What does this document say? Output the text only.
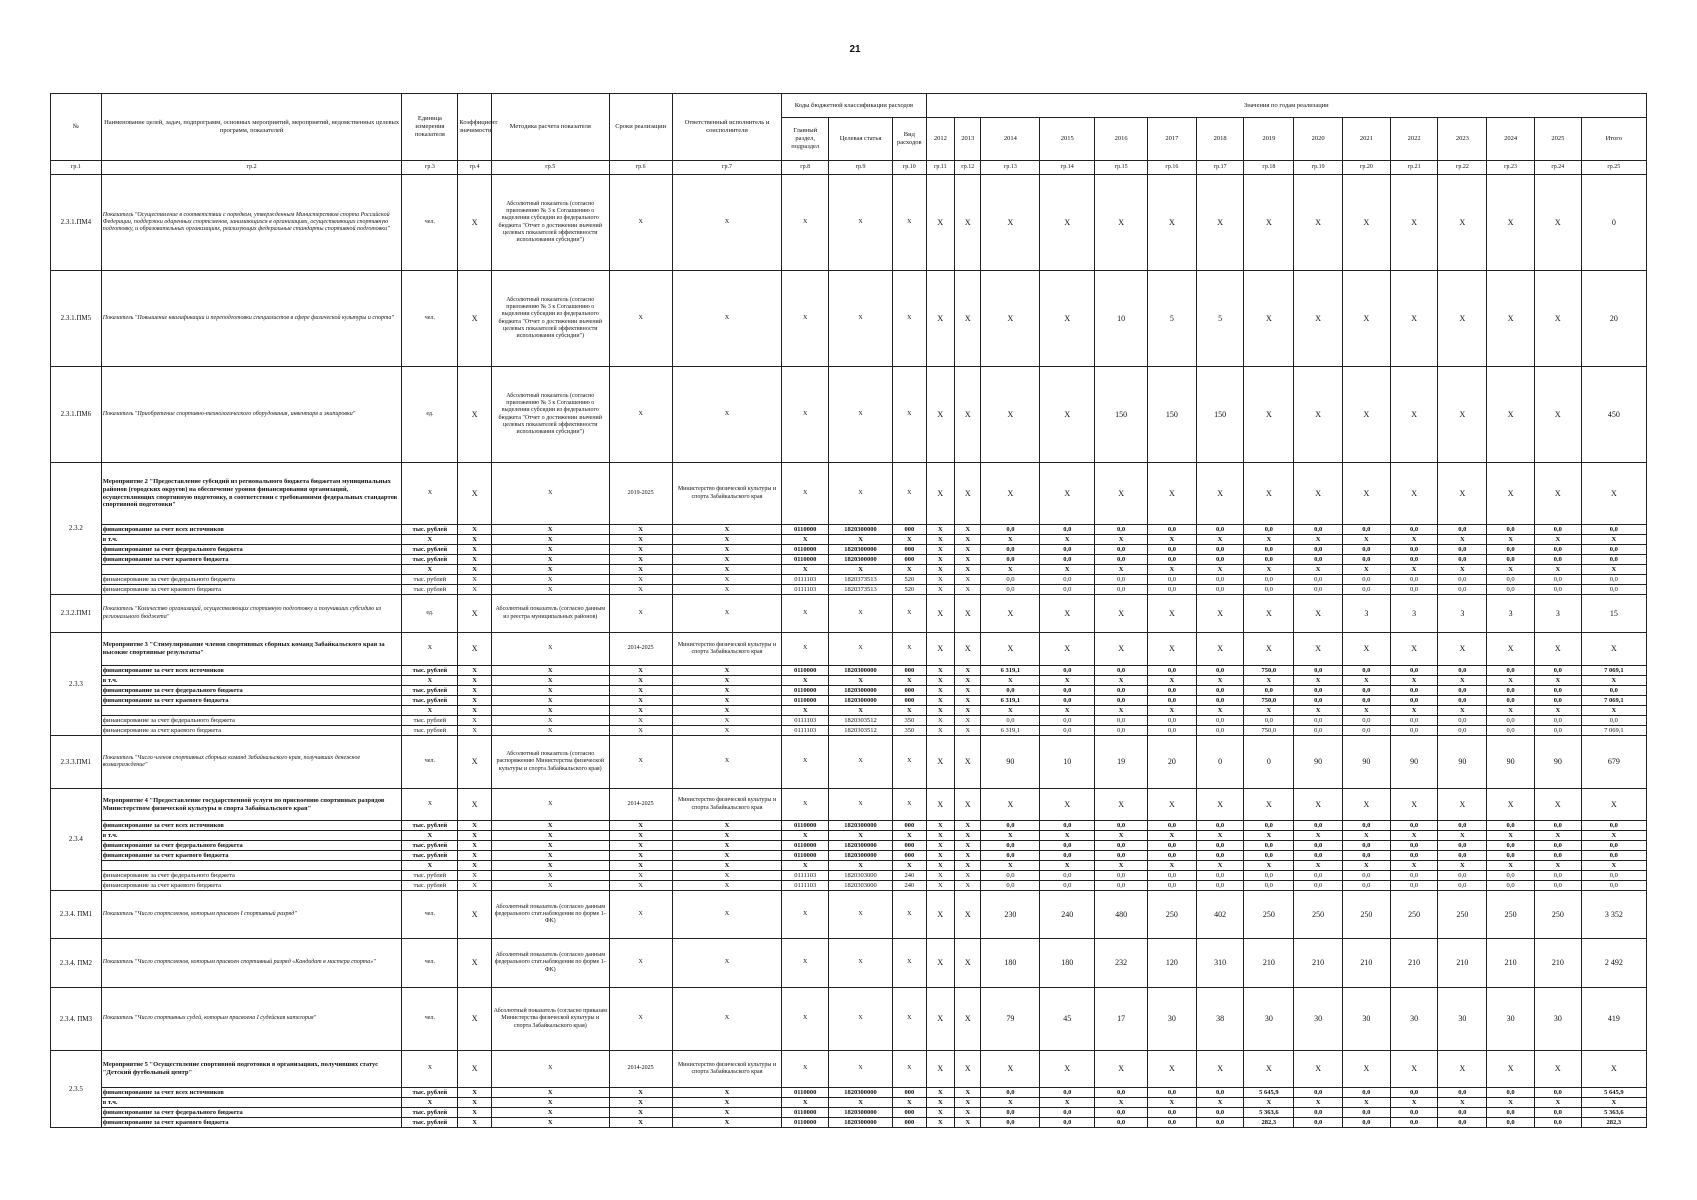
21
№	Наименование целей, задач, подпрограмм, основных мероприятий, мероприятий, ведомственных целевых программ, показателей	Единица измерения показателя	Коэффициент значимости	Методика расчета показателя	Сроки реализации	Ответственный исполнитель и соисполнители	Коды бюджетной классификации расходов			Значения по годам реализации														
							Главный раздел, подраздел	Целевая статья	Вид расходов	2012	2013	2014	2015	2016	2017	2018	2019	2020	2021	2022	2023	2024	2025	Итого
гр.1	гр.2	гр.3	гр.4	гр.5	гр.6	гр.7	гр.8	гр.9	гр.10	гр.11	гр.12	гр.13	гр.14	гр.15	гр.16	гр.17	гр.18	гр.19	гр.20	гр.21	гр.22	гр.23	гр.24	гр.25
2.3.1.ПМ4	Показатель "Осуществление в соответствии с порядком, утвержденным Министерством спорта Российской Федерации, поддержки одаренных спортсменов, занимающихся в организациях, осуществляющих спортивную подготовку, и образовательных организациях, реализующих федеральные стандарты спортивной подготовки"	чел.	X	Абсолютный показатель (согласно приложению № 3 к Соглашению о выделении субсидии из федерального бюджета "Отчет о достижении значений целевых показателей эффективности использования субсидии")	X	X	X	X	X	X	X	X	X	X	X	X	X	X	X	X	X	X	X	0
2.3.1.ПМ5	Показатель "Повышение квалификации и переподготовки специалистов в сфере физической культуры и спорта"	чел.	X	Абсолютный показатель (согласно приложению № 3 к Соглашению о выделении субсидии из федерального бюджета "Отчет о достижении значений целевых показателей эффективности использования субсидии")	X	X	X	X	X	X	X	X	X	10	5	5	X	X	X	X	X	X	X	20
2.3.1.ПМ6	Показатель "Приобретение спортивно-технологического оборудования, инвентаря и экипировки"	ед.	X	Абсолютный показатель (согласно приложению № 3 к Соглашению о выделении субсидии из федерального бюджета "Отчет о достижении значений целевых показателей эффективности использования субсидии")	X	X	X	X	X	X	X	X	X	150	150	150	X	X	X	X	X	X	X	450
2.3.2	Мероприятие 2 "Предоставление субсидий из регионального бюджета бюджетам муниципальных районов (городских округов) на обеспечение уровня финансирования организаций, осуществляющих спортивную подготовку, в соответствии с требованиями федеральных стандартов спортивной подготовки"	X	X	X	2019-2025	Министерство физической культуры и спорта Забайкальского края	X	X	X	X	X	X	X	X	X	X	X	X	X	X	X	X	X	X
	финансирование за счет всех источников	тыс. рублей	X	X	X	X	0110000	1820300000	000	X	X	0,0	0,0	0,0	0,0	0,0	0,0	0,0	0,0	0,0	0,0	0,0	0,0	0,0
	в т.ч.	X	X	X	X	X	X	X	X	X	X	X	X	X	X	X	X	X	X	X	X	X	X	X
	финансирование за счет федерального бюджета	тыс. рублей	X	X	X	X	0110000	1820300000	000	X	X	0,0	0,0	0,0	0,0	0,0	0,0	0,0	0,0	0,0	0,0	0,0	0,0	0,0
	финансирование за счет краевого бюджета	тыс. рублей	X	X	X	X	0110000	1820300000	000	X	X	0,0	0,0	0,0	0,0	0,0	0,0	0,0	0,0	0,0	0,0	0,0	0,0	0,0
		X	X	X	X	X	X	X	X	X	X	X	X	X	X	X	X	X	X	X	X	X	X	X
	финансирование за счет федерального бюджета	тыс. рублей	X	X	X	X	0111103	182037З513	520	X	X	0,0	0,0	0,0	0,0	0,0	0,0	0,0	0,0	0,0	0,0	0,0	0,0	0,0
	финансирование за счет краевого бюджета	тыс. рублей	X	X	X	X	0111103	182037З513	520	X	X	0,0	0,0	0,0	0,0	0,0	0,0	0,0	0,0	0,0	0,0	0,0	0,0	0,0
2.3.2.ПМ1	Показатель "Количество организаций, осуществляющих спортивную подготовку и получивших субсидию из регионального бюджета"	ед.	X	Абсолютный показатель (согласно данным из реестра муниципальных районов)	X	X	X	X	X	X	X	X	X	X	X	X	X	X	3	3	3	3	3	15
2.3.3	Мероприятие 3 "Стимулирование членов спортивных сборных команд Забайкальского края за высокие спортивные результаты"	X	X	X	2014-2025	Министерство физической культуры и спорта Забайкальского края	X	X	X	X	X	X	X	X	X	X	X	X	X	X	X	X	X	X
	финансирование за счет всех источников	тыс. рублей	X	X	X	X	0110000	1820300000	000	X	X	6 319,1	0,0	0,0	0,0	0,0	750,0	0,0	0,0	0,0	0,0	0,0	0,0	7 069,1
	в т.ч.	X	X	X	X	X	X	X	X	X	X	X	X	X	X	X	X	X	X	X	X	X	X	X
	финансирование за счет федерального бюджета	тыс. рублей	X	X	X	X	0110000	1820300000	000	X	X	0,0	0,0	0,0	0,0	0,0	0,0	0,0	0,0	0,0	0,0	0,0	0,0	0,0
	финансирование за счет краевого бюджета	тыс. рублей	X	X	X	X	0110000	1820300000	000	X	X	6 319,1	0,0	0,0	0,0	0,0	750,0	0,0	0,0	0,0	0,0	0,0	0,0	7 069,1
		X	X	X	X	X	X	X	X	X	X	X	X	X	X	X	X	X	X	X	X	X	X	X
	финансирование за счет федерального бюджета	тыс. рублей	X	X	X	X	0111103	1820303512	350	X	X	0,0	0,0	0,0	0,0	0,0	0,0	0,0	0,0	0,0	0,0	0,0	0,0	0,0
	финансирование за счет краевого бюджета	тыс. рублей	X	X	X	X	0111103	1820303512	350	X	X	6 319,1	0,0	0,0	0,0	0,0	750,0	0,0	0,0	0,0	0,0	0,0	0,0	7 069,1
2.3.3.ПМ1	Показатель "Число членов спортивных сборных команд Забайкальского края, получивших денежное вознаграждение"	чел.	X	Абсолютный показатель (согласно распоряжению Министерства физической культуры и спорта Забайкальского края)	X	X	X	X	X	X	X	90	10	19	20	0	0	90	90	90	90	90	90	679
2.3.4	Мероприятие 4 "Предоставление государственной услуги по присвоению спортивных разрядов Министерством физической культуры и спорта Забайкальского края"	X	X	X	2014-2025	Министерство физической культуры и спорта Забайкальского края	X	X	X	X	X	X	X	X	X	X	X	X	X	X	X	X	X	X
	финансирование за счет всех источников	тыс. рублей	X	X	X	X	0110000	1820300000	000	X	X	0,0	0,0	0,0	0,0	0,0	0,0	0,0	0,0	0,0	0,0	0,0	0,0	0,0
	в т.ч.	X	X	X	X	X	X	X	X	X	X	X	X	X	X	X	X	X	X	X	X	X	X	X
	финансирование за счет федерального бюджета	тыс. рублей	X	X	X	X	0110000	1820300000	000	X	X	0,0	0,0	0,0	0,0	0,0	0,0	0,0	0,0	0,0	0,0	0,0	0,0	0,0
	финансирование за счет краевого бюджета	тыс. рублей	X	X	X	X	0110000	1820300000	000	X	X	0,0	0,0	0,0	0,0	0,0	0,0	0,0	0,0	0,0	0,0	0,0	0,0	0,0
		X	X	X	X	X	X	X	X	X	X	X	X	X	X	X	X	X	X	X	X	X	X	X
	финансирование за счет федерального бюджета	тыс. рублей	X	X	X	X	0111103	1820303000	240	X	X	0,0	0,0	0,0	0,0	0,0	0,0	0,0	0,0	0,0	0,0	0,0	0,0	0,0
	финансирование за счет краевого бюджета	тыс. рублей	X	X	X	X	0111103	1820303000	240	X	X	0,0	0,0	0,0	0,0	0,0	0,0	0,0	0,0	0,0	0,0	0,0	0,0	0,0
2.3.4. ПМ1	Показатель "Число спортсменов, которым присвоен I спортивный разряд"	чел.	X	Абсолютный показатель (согласно данным федерального стат.наблюдения по форме 1-ФК)	X	X	X	X	X	X	X	230	240	480	250	402	250	250	250	250	250	250	250	3 352
2.3.4. ПМ2	Показатель "Число спортсменов, которым присвоен спортивный разряд «Кандидат в мастера спорта»"	чел.	X	Абсолютный показатель (согласно данным федерального стат.наблюдения по форме 1-ФК)	X	X	X	X	X	X	X	180	180	232	120	310	210	210	210	210	210	210	210	2 492
2.3.4. ПМ3	Показатель "Число спортивных судей, которым присвоена I судейская категория"	чел.	X	Абсолютный показатель (согласно приказам Министерства физической культуры и спорта Забайкальского края)	X	X	X	X	X	X	X	79	45	17	30	38	30	30	30	30	30	30	30	419
2.3.5	Мероприятие 5 "Осуществление спортивной подготовки в организациях, получивших статус "Детский футбольный центр"	X	X	X	2014-2025	Министерство физической культуры и спорта Забайкальского края	X	X	X	X	X	X	X	X	X	X	X	X	X	X	X	X	X	X
	финансирование за счет всех источников	тыс. рублей	X	X	X	X	0110000	1820300000	000	X	X	0,0	0,0	0,0	0,0	0,0	5 645,9	0,0	0,0	0,0	0,0	0,0	0,0	5 645,9
	в т.ч.	X	X	X	X	X	X	X	X	X	X	X	X	X	X	X	X	X	X	X	X	X	X	X
	финансирование за счет федерального бюджета	тыс. рублей	X	X	X	X	0110000	1820300000	000	X	X	0,0	0,0	0,0	0,0	0,0	5 363,6	0,0	0,0	0,0	0,0	0,0	0,0	5 363,6
	финансирование за счет краевого бюджета	тыс. рублей	X	X	X	X	0110000	1820300000	000	X	X	0,0	0,0	0,0	0,0	0,0	282,3	0,0	0,0	0,0	0,0	0,0	0,0	282,3
